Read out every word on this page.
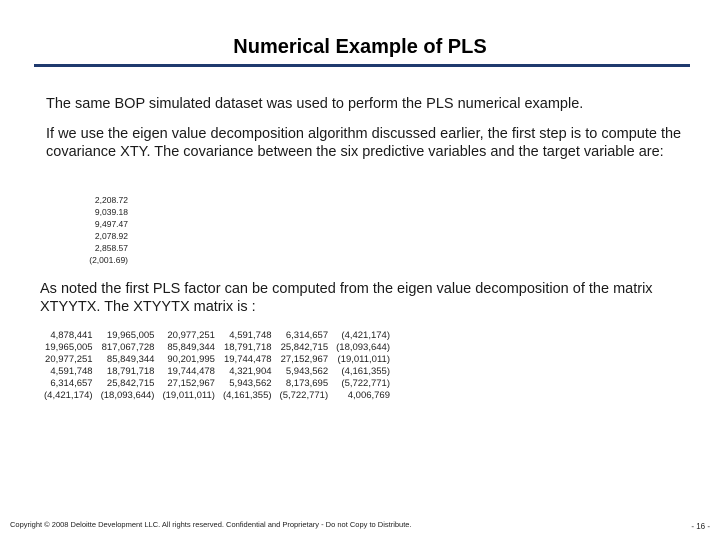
Numerical Example of PLS
The same BOP simulated dataset was used to perform the PLS numerical example.
If we use the eigen value decomposition algorithm discussed earlier, the first step is to compute the covariance XTY. The covariance between the six predictive variables and the target variable are:
2,208.72
9,039.18
9,497.47
2,078.92
2,858.57
(2,001.69)
As noted the first PLS factor can be computed from the eigen value decomposition of the matrix XTYYTX. The XTYYTX matrix is :
4,878,441	19,965,005	20,977,251	4,591,748	6,314,657	(4,421,174)
19,965,005	817,067,728	85,849,344	18,791,718	25,842,715	(18,093,644)
20,977,251	85,849,344	90,201,995	19,744,478	27,152,967	(19,011,011)
4,591,748	18,791,718	19,744,478	4,321,904	5,943,562	(4,161,355)
6,314,657	25,842,715	27,152,967	5,943,562	8,173,695	(5,722,771)
(4,421,174)	(18,093,644)	(19,011,011)	(4,161,355)	(5,722,771)	4,006,769
Copyright © 2008 Deloitte Development LLC. All rights reserved. Confidential and Proprietary - Do not Copy to Distribute.	- 16 -
